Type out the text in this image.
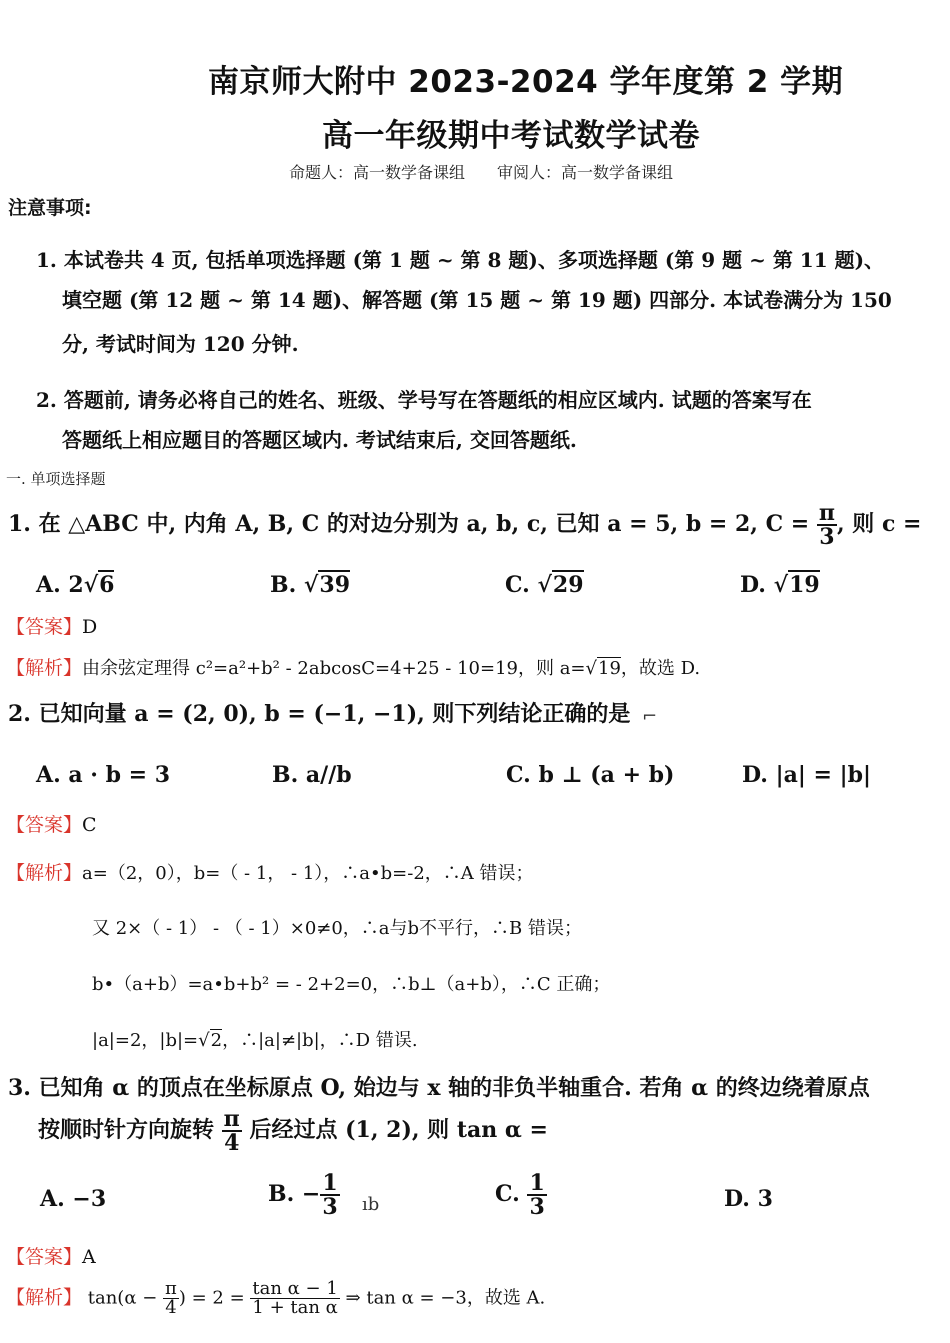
南京师大附中 2023-2024 学年度第 2 学期
高一年级期中考试数学试卷
命题人：高一数学备课组　　审阅人：高一数学备课组
注意事项:
1. 本试卷共 4 页, 包括单项选择题 (第 1 题 ~ 第 8 题)、多项选择题 (第 9 题 ~ 第 11 题)、
填空题 (第 12 题 ~ 第 14 题)、解答题 (第 15 题 ~ 第 19 题) 四部分. 本试卷满分为 150
分, 考试时间为 120 分钟.
2. 答题前, 请务必将自己的姓名、班级、学号写在答题纸的相应区域内. 试题的答案写在
答题纸上相应题目的答题区域内. 考试结束后, 交回答题纸.
一. 单项选择题
1. 在 △ABC 中, 内角 A, B, C 的对边分别为 a, b, c, 已知 a = 5, b = 2, $C = \frac{\pi}{3}$ , 则 c =
A. 2√6	B. √39	C. √29	D. √19
【答案】D
【解析】由余弦定理得 c²=a²+b² - 2abcosC=4+25 - 10=19，则 a=√19，故选 D.
2. 已知向量 a = (2, 0), b = (−1, −1), 则下列结论正确的是 ⌐
A. a · b = 3	B. a//b	C. b ⊥ (a + b)	D. |a| = |b|
【答案】C
【解析】a=（2，0），b=（ - 1， - 1），∴a•b=-2，∴A 错误；
又 2×（ - 1） - （ - 1）×0≠0，∴a与b不平行，∴B 错误；
b•（a+b）=a•b+b² = - 2+2=0，∴b⊥（a+b），∴C 正确；
|a|=2，|b|=√2，∴|a|≠|b|，∴D 错误.
3. 已知角 α 的顶点在坐标原点 O, 始边与 x 轴的非负半轴重合. 若角 α 的终边绕着原点
按顺时针方向旋转 $\frac{\pi}{4}$ 后经过点 (1, 2), 则 tan α =
A. −3	B. − $\frac{1}{3}$ ıb	C. $\frac{1}{3}$	D. 3
【答案】A
【解析】 $\tan(\alpha - \frac{\pi}{4}$ ) = $2 = \frac{\text{tan α − 1}}{\text{1 + tan α}}$ ⇒ tan α = −3，故选 A.
